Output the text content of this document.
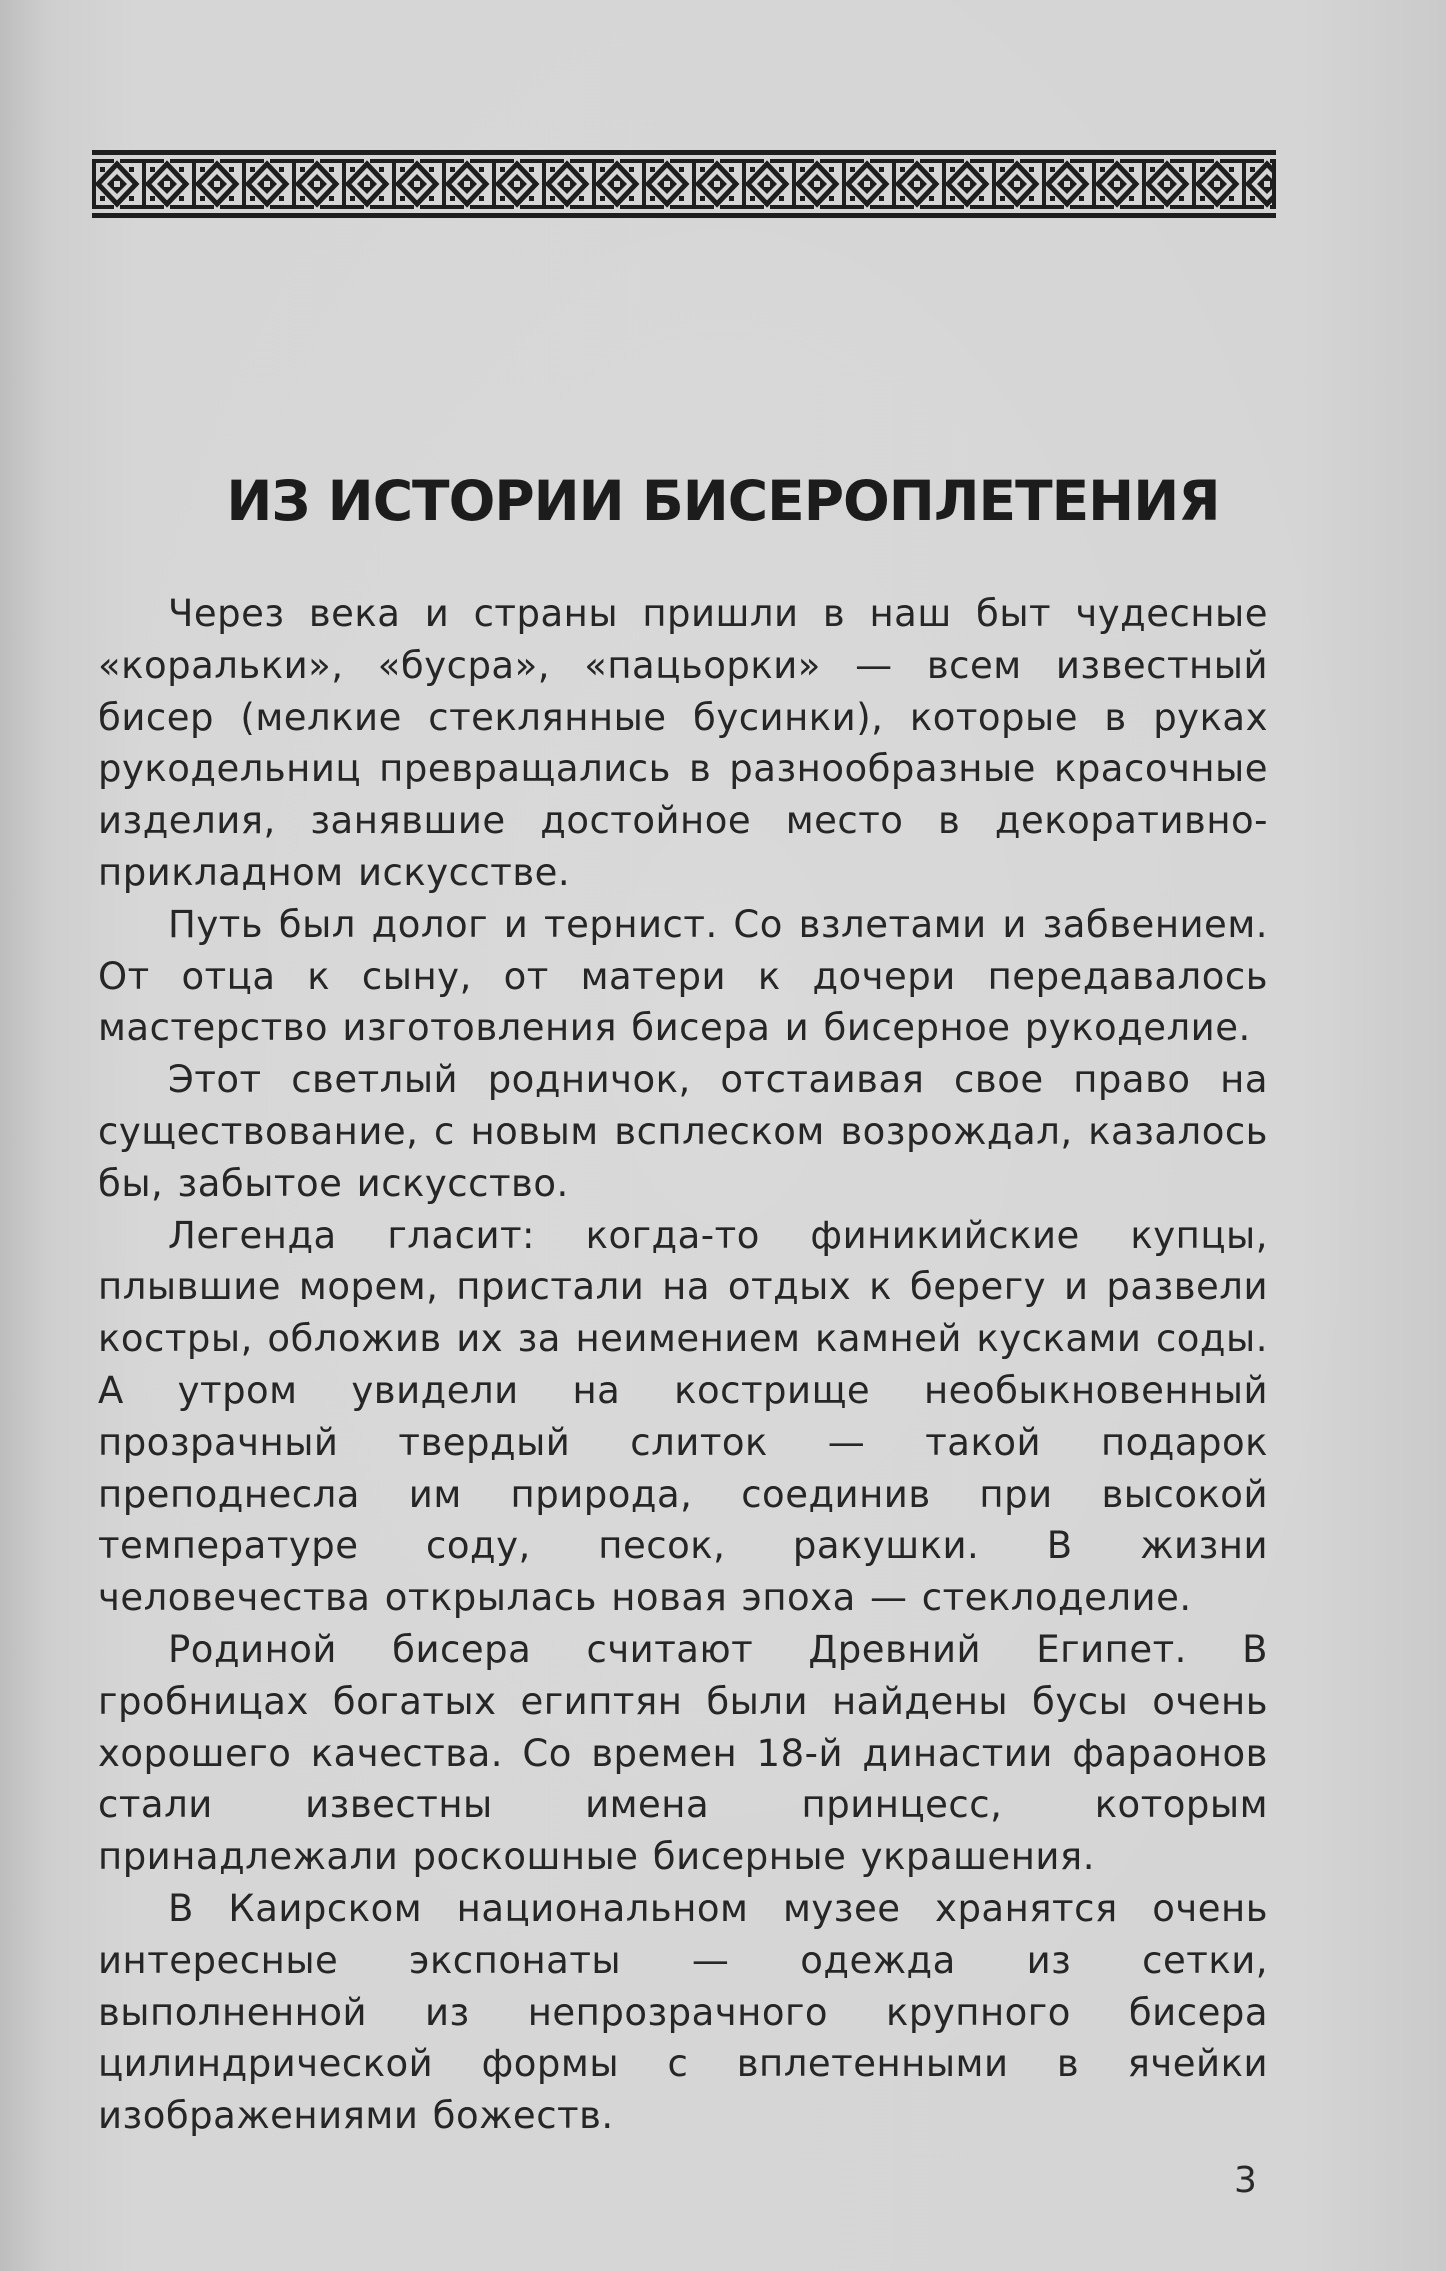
ИЗ ИСТОРИИ БИСЕРОПЛЕТЕНИЯ

Через века и страны пришли в наш быт чудесные «коральки», «бусра», «пацьорки» — всем известный бисер (мелкие стеклянные бусинки), которые в руках рукодельниц превращались в разнообразные красочные изделия, занявшие достойное место в декоративно-прикладном искусстве.

Путь был долог и тернист. Со взлетами и забвением. От отца к сыну, от матери к дочери передавалось мастерство изготовления бисера и бисерное рукоделие.

Этот светлый родничок, отстаивая свое право на существование, с новым всплеском возрождал, казалось бы, забытое искусство.

Легенда гласит: когда-то финикийские купцы, плывшие морем, пристали на отдых к берегу и развели костры, обложив их за неимением камней кусками соды. А утром увидели на кострище необыкновенный прозрачный твердый слиток — такой подарок преподнесла им природа, соединив при высокой температуре соду, песок, ракушки. В жизни человечества открылась новая эпоха — стеклоделие.

Родиной бисера считают Древний Египет. В гробницах богатых египтян были найдены бусы очень хорошего качества. Со времен 18-й династии фараонов стали известны имена принцесс, которым принадлежали роскошные бисерные украшения.

В Каирском национальном музее хранятся очень интересные экспонаты — одежда из сетки, выполненной из непрозрачного крупного бисера цилиндрической формы с вплетенными в ячейки изображениями божеств.

3
